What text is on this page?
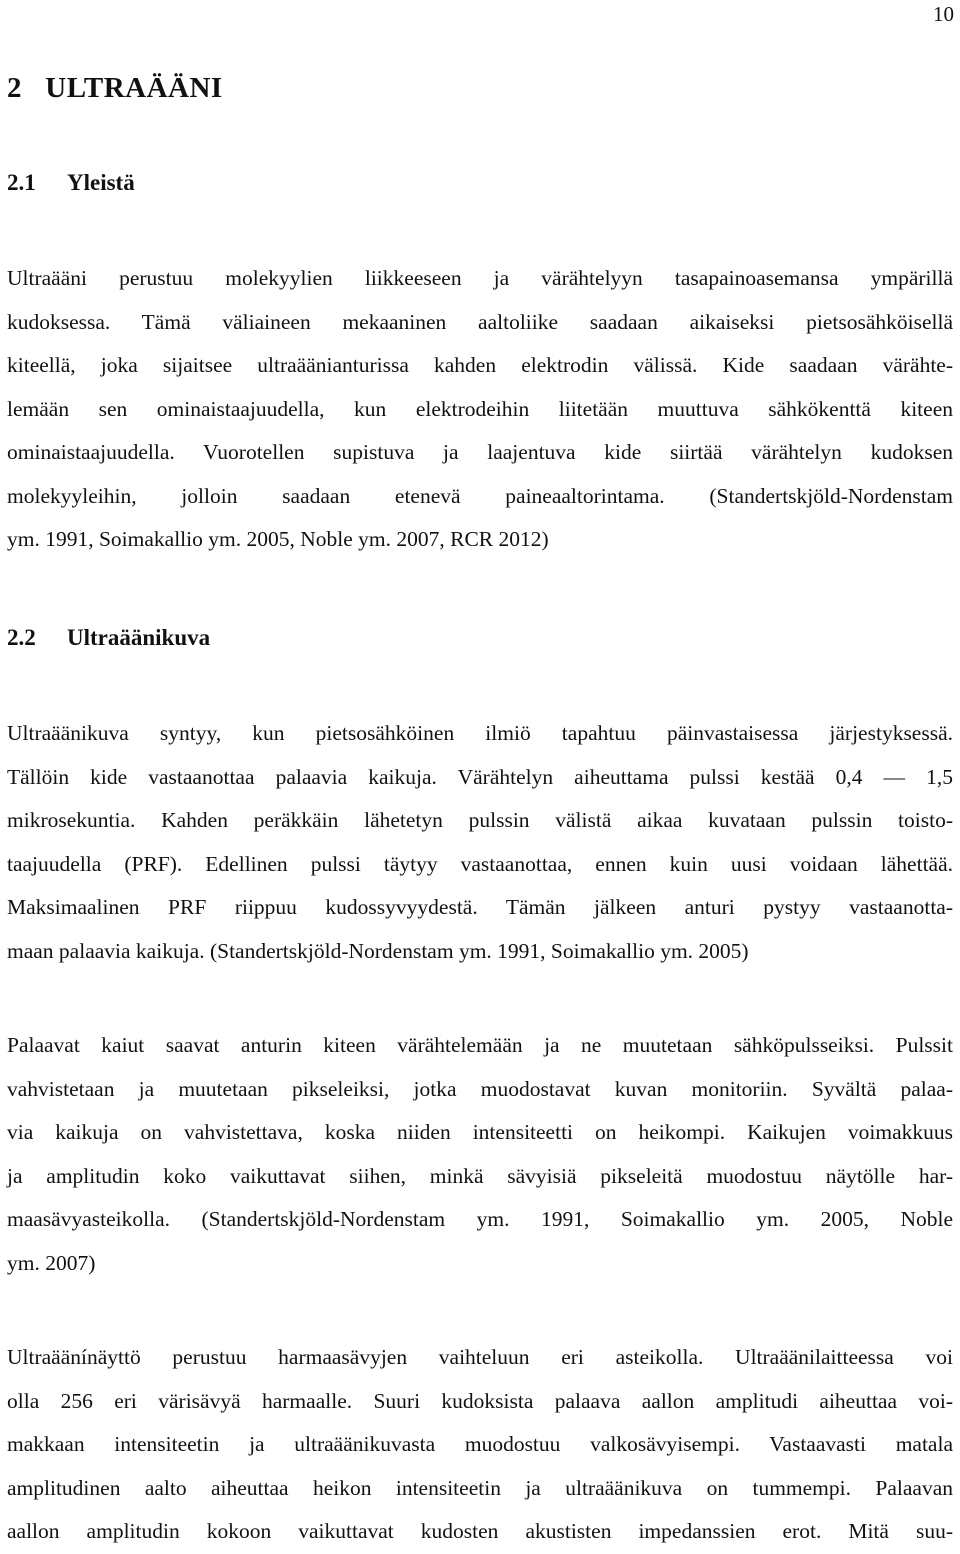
10
2 ULTRAÄÄNI
2.1 Yleistä
Ultraääni perustuu molekyylien liikkeeseen ja värähtelyyn tasapainoasemansa ympärillä
kudoksessa. Tämä väliaineen mekaaninen aaltoliike saadaan aikaiseksi pietsosähköisellä
kiteellä, joka sijaitsee ultraäänianturissa kahden elektrodin välissä. Kide saadaan värähte-
lemään sen ominaistaajuudella, kun elektrodeihin liitetään muuttuva sähkökenttä kiteen
ominaistaajuudella. Vuorotellen supistuva ja laajentuva kide siirtää värähtelyn kudoksen
molekyyleihin, jolloin saadaan etenevä paineaaltorintama. (Standertskjöld-Nordenstam
ym. 1991, Soimakallio ym. 2005, Noble ym. 2007, RCR 2012)
2.2 Ultraäänikuva
Ultraäänikuva syntyy, kun pietsosähköinen ilmiö tapahtuu päinvastaisessa järjestyksessä.
Tällöin kide vastaanottaa palaavia kaikuja. Värähtelyn aiheuttama pulssi kestää 0,4 — 1,5
mikrosekuntia. Kahden peräkkäin lähetetyn pulssin välistä aikaa kuvataan pulssin toisto-
taajuudella (PRF). Edellinen pulssi täytyy vastaanottaa, ennen kuin uusi voidaan lähettää.
Maksimaalinen PRF riippuu kudossyvyydestä. Tämän jälkeen anturi pystyy vastaanotta-
maan palaavia kaikuja. (Standertskjöld-Nordenstam ym. 1991, Soimakallio ym. 2005)
Palaavat kaiut saavat anturin kiteen värähtelemään ja ne muutetaan sähköpulsseiksi. Pulssit
vahvistetaan ja muutetaan pikseleiksi, jotka muodostavat kuvan monitoriin. Syvältä palaa-
via kaikuja on vahvistettava, koska niiden intensiteetti on heikompi. Kaikujen voimakkuus
ja amplitudin koko vaikuttavat siihen, minkä sävyisiä pikseleitä muodostuu näytölle har-
maasävyasteikolla. (Standertskjöld-Nordenstam ym. 1991, Soimakallio ym. 2005, Noble
ym. 2007)
Ultraäänínäyttö perustuu harmaasävyjen vaihteluun eri asteikolla. Ultraäänilaitteessa voi
olla 256 eri värisävyä harmaalle. Suuri kudoksista palaava aallon amplitudi aiheuttaa voi-
makkaan intensiteetin ja ultraäänikuvasta muodostuu valkosävyisempi. Vastaavasti matala
amplitudinen aalto aiheuttaa heikon intensiteetin ja ultraäänikuva on tummempi. Palaavan
aallon amplitudin kokoon vaikuttavat kudosten akustisten impedanssien erot. Mitä suu-
